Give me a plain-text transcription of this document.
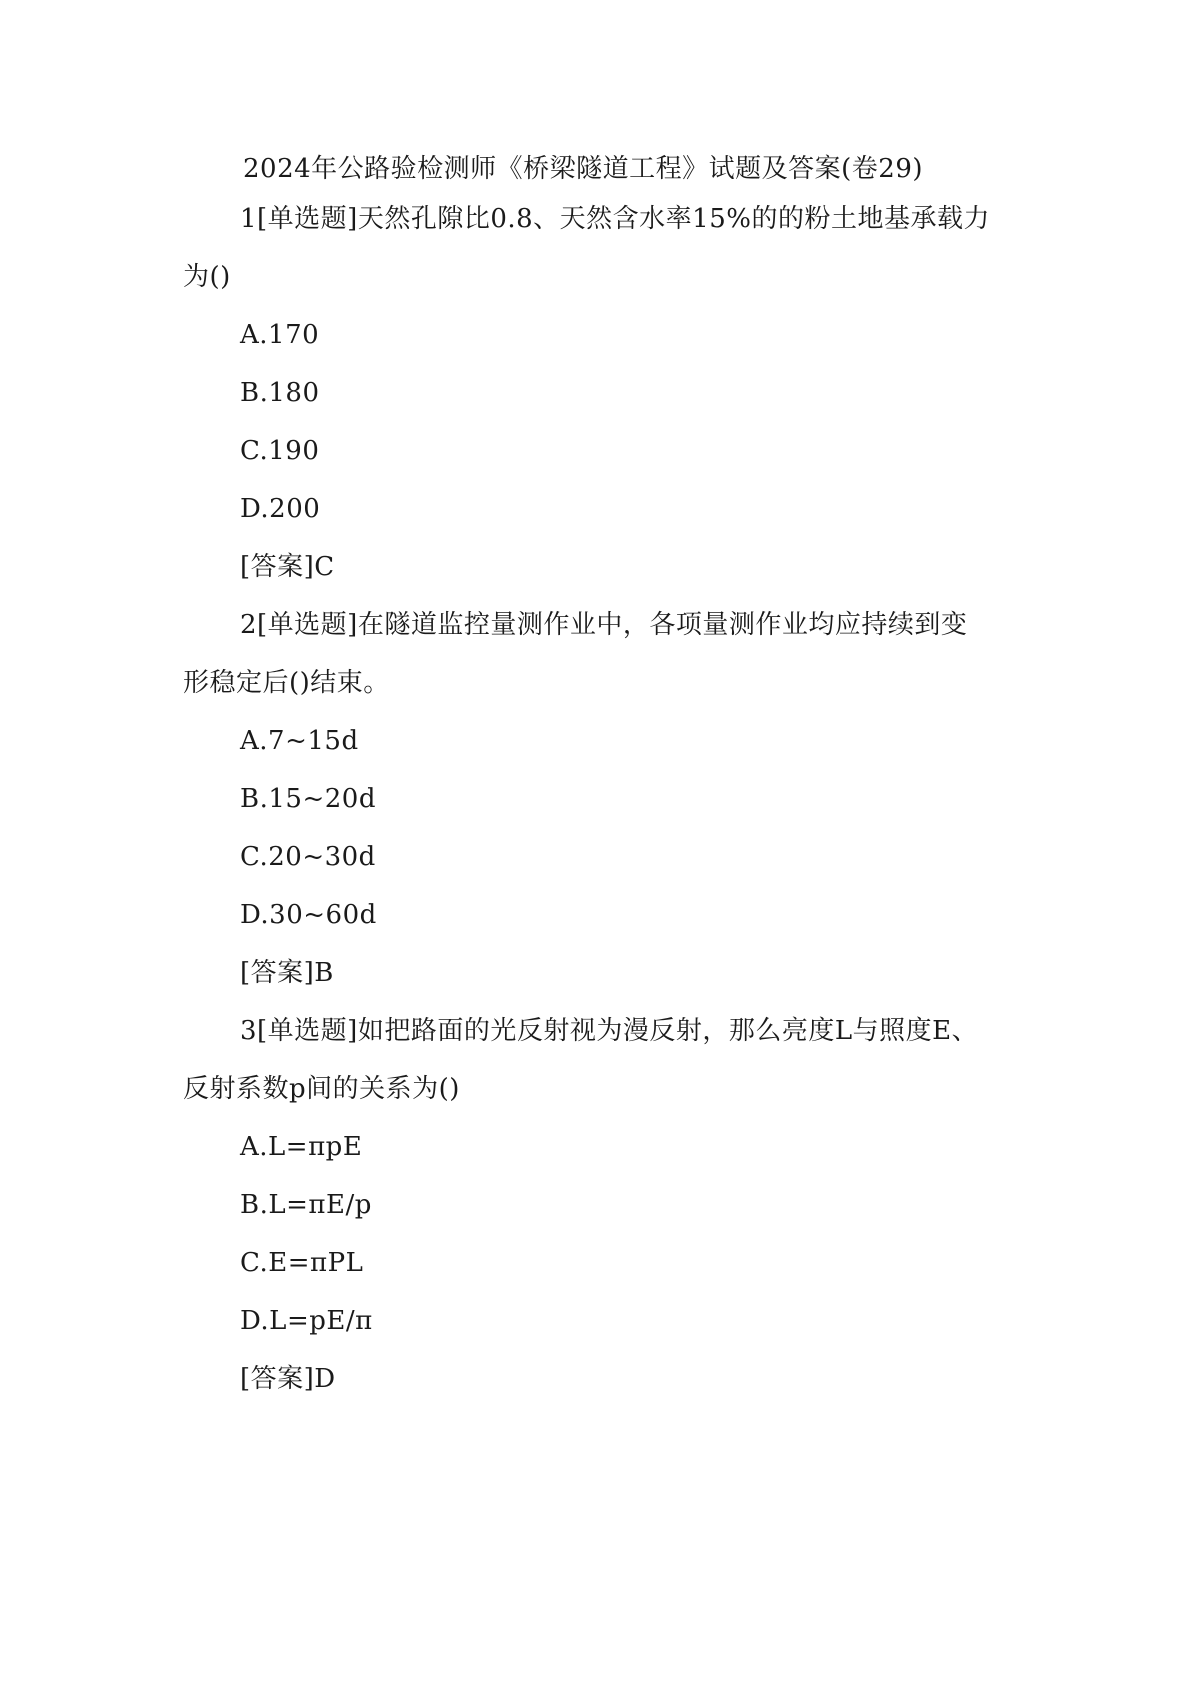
2024年公路验检测师《桥梁隧道工程》试题及答案(卷29)
1[单选题]天然孔隙比0.8、天然含水率15%的的粉土地基承载力
为()
A.170
B.180
C.190
D.200
[答案]C
2[单选题]在隧道监控量测作业中，各项量测作业均应持续到变
形稳定后()结束。
A.7~15d
B.15~20d
C.20~30d
D.30~60d
[答案]B
3[单选题]如把路面的光反射视为漫反射，那么亮度L与照度E、
反射系数p间的关系为()
A.L=πpE
B.L=πE/p
C.E=πPL
D.L=pE/π
[答案]D
